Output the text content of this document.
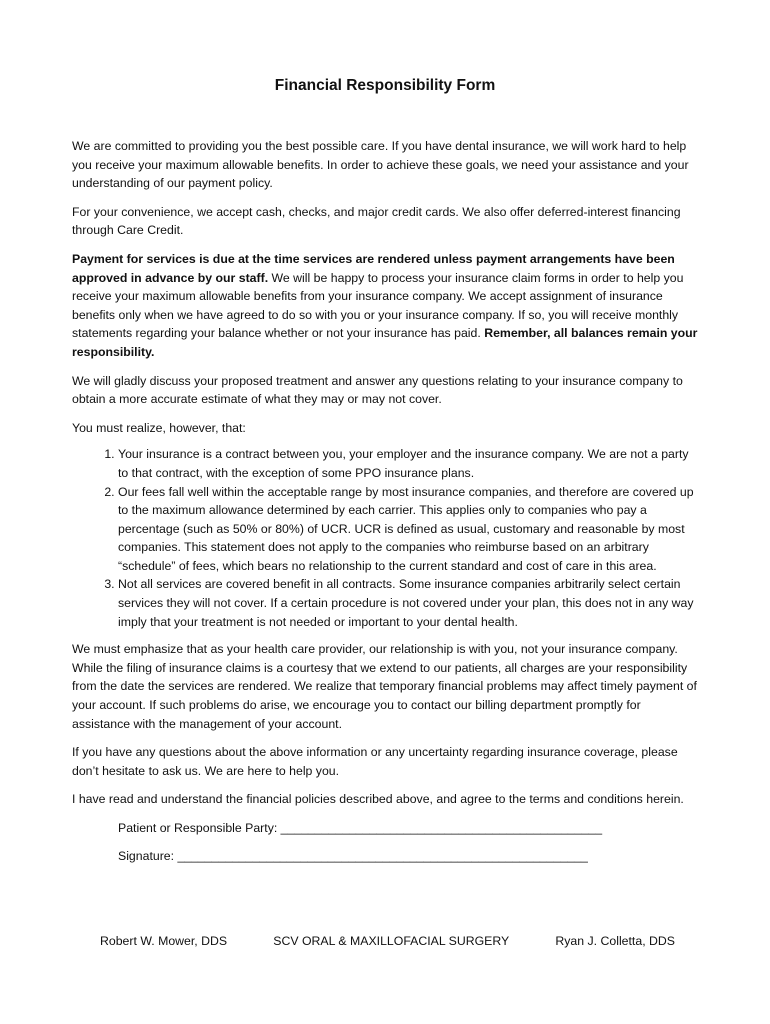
Financial Responsibility Form

We are committed to providing you the best possible care. If you have dental insurance, we will work hard to help you receive your maximum allowable benefits. In order to achieve these goals, we need your assistance and your understanding of our payment policy.

For your convenience, we accept cash, checks, and major credit cards. We also offer deferred-interest financing through Care Credit.

Payment for services is due at the time services are rendered unless payment arrangements have been approved in advance by our staff. We will be happy to process your insurance claim forms in order to help you receive your maximum allowable benefits from your insurance company. We accept assignment of insurance benefits only when we have agreed to do so with you or your insurance company. If so, you will receive monthly statements regarding your balance whether or not your insurance has paid. Remember, all balances remain your responsibility.

We will gladly discuss your proposed treatment and answer any questions relating to your insurance company to obtain a more accurate estimate of what they may or may not cover.

You must realize, however, that:

1. Your insurance is a contract between you, your employer and the insurance company. We are not a party to that contract, with the exception of some PPO insurance plans.
2. Our fees fall well within the acceptable range by most insurance companies, and therefore are covered up to the maximum allowance determined by each carrier. This applies only to companies who pay a percentage (such as 50% or 80%) of UCR. UCR is defined as usual, customary and reasonable by most companies. This statement does not apply to the companies who reimburse based on an arbitrary “schedule” of fees, which bears no relationship to the current standard and cost of care in this area.
3. Not all services are covered benefit in all contracts. Some insurance companies arbitrarily select certain services they will not cover. If a certain procedure is not covered under your plan, this does not in any way imply that your treatment is not needed or important to your dental health.

We must emphasize that as your health care provider, our relationship is with you, not your insurance company. While the filing of insurance claims is a courtesy that we extend to our patients, all charges are your responsibility from the date the services are rendered. We realize that temporary financial problems may affect timely payment of your account. If such problems do arise, we encourage you to contact our billing department promptly for assistance with the management of your account.

If you have any questions about the above information or any uncertainty regarding insurance coverage, please don’t hesitate to ask us. We are here to help you.

I have read and understand the financial policies described above, and agree to the terms and conditions herein.

Patient or Responsible Party: _______________________________________________
Signature: ____________________________________________________________
Robert W. Mower, DDS	SCV ORAL & MAXILLOFACIAL SURGERY	Ryan J. Colletta, DDS
